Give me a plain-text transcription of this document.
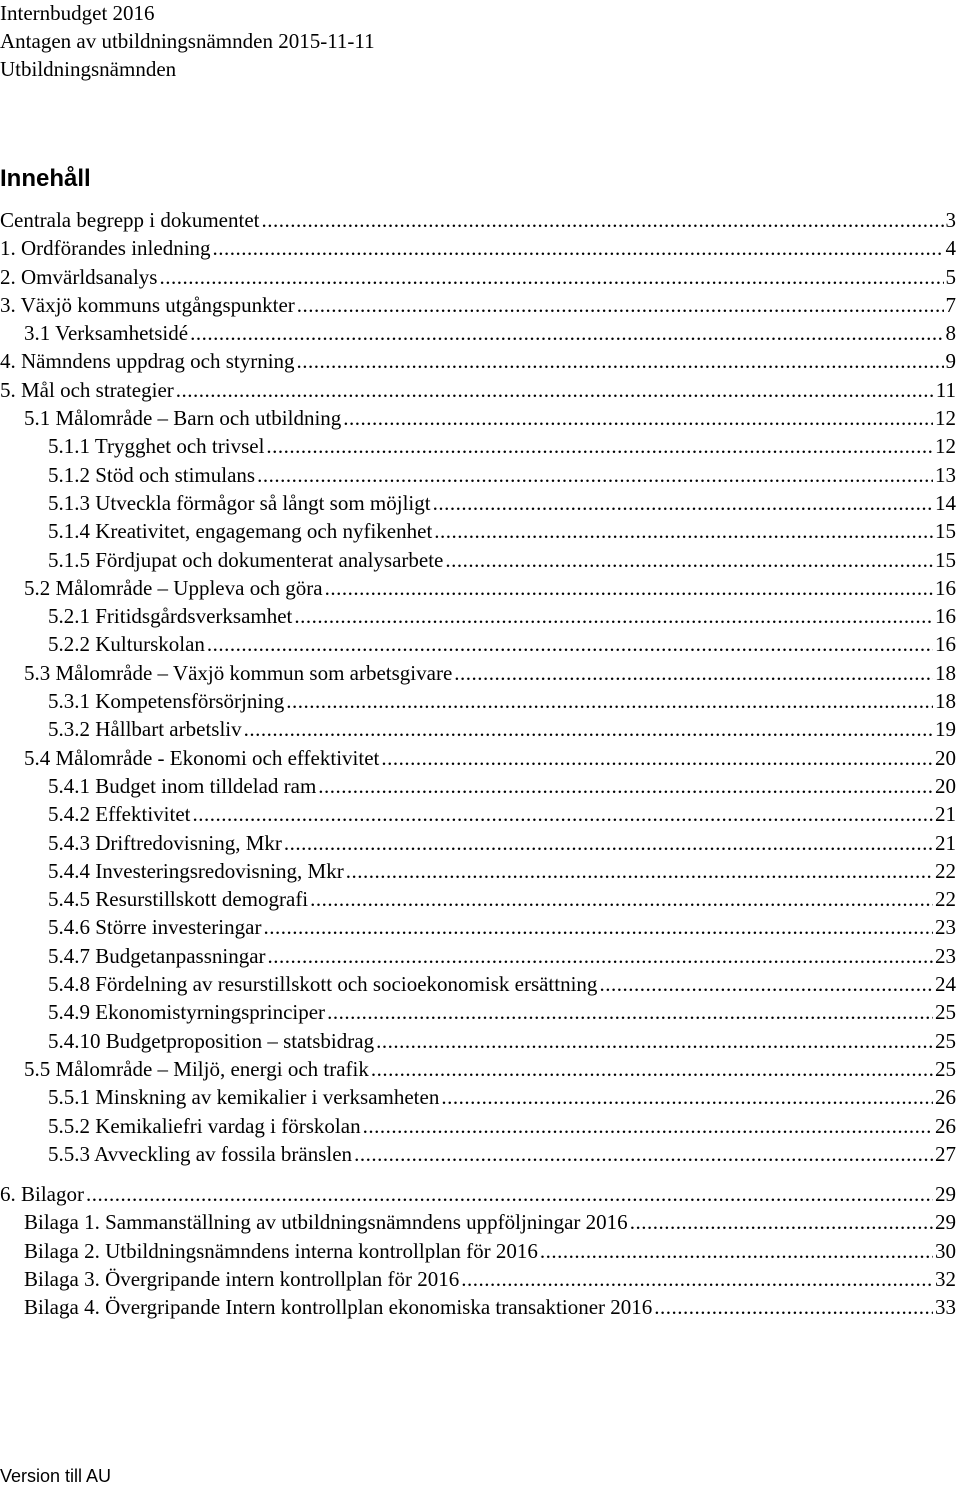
Internbudget 2016
Antagen av utbildningsnämnden 2015-11-11
Utbildningsnämnden
Innehåll
Centrala begrepp i dokumentet .....	3
1. Ordförandes inledning .....	4
2. Omvärldsanalys .....	5
3. Växjö kommuns utgångspunkter .....	7
3.1 Verksamhetsidé .....	8
4. Nämndens uppdrag och styrning .....	9
5. Mål och strategier .....	11
5.1 Målområde – Barn och utbildning .....	12
5.1.1 Trygghet och trivsel .....	12
5.1.2 Stöd och stimulans .....	13
5.1.3 Utveckla förmågor så långt som möjligt .....	14
5.1.4 Kreativitet, engagemang och nyfikenhet .....	15
5.1.5 Fördjupat och dokumenterat analysarbete .....	15
5.2 Målområde – Uppleva och göra .....	16
5.2.1 Fritidsgårdsverksamhet .....	16
5.2.2 Kulturskolan .....	16
5.3 Målområde – Växjö kommun som arbetsgivare .....	18
5.3.1 Kompetensförsörjning .....	18
5.3.2 Hållbart arbetsliv .....	19
5.4 Målområde - Ekonomi och effektivitet .....	20
5.4.1 Budget inom tilldelad ram .....	20
5.4.2 Effektivitet .....	21
5.4.3 Driftredovisning, Mkr .....	21
5.4.4 Investeringsredovisning, Mkr .....	22
5.4.5 Resurstillskott demografi .....	22
5.4.6 Större investeringar .....	23
5.4.7 Budgetanpassningar .....	23
5.4.8 Fördelning av resurstillskott och socioekonomisk ersättning .....	24
5.4.9 Ekonomistyrningsprinciper .....	25
5.4.10 Budgetproposition – statsbidrag .....	25
5.5 Målområde – Miljö, energi och trafik .....	25
5.5.1 Minskning av kemikalier i verksamheten .....	26
5.5.2 Kemikaliefri vardag i förskolan .....	26
5.5.3 Avveckling av fossila bränslen .....	27
6. Bilagor .....	29
Bilaga 1. Sammanställning av utbildningsnämndens uppföljningar 2016 .....	29
Bilaga 2. Utbildningsnämndens interna kontrollplan för 2016 .....	30
Bilaga 3. Övergripande intern kontrollplan för 2016 .....	32
Bilaga 4. Övergripande Intern kontrollplan ekonomiska transaktioner 2016 .....	33
Version till AU
